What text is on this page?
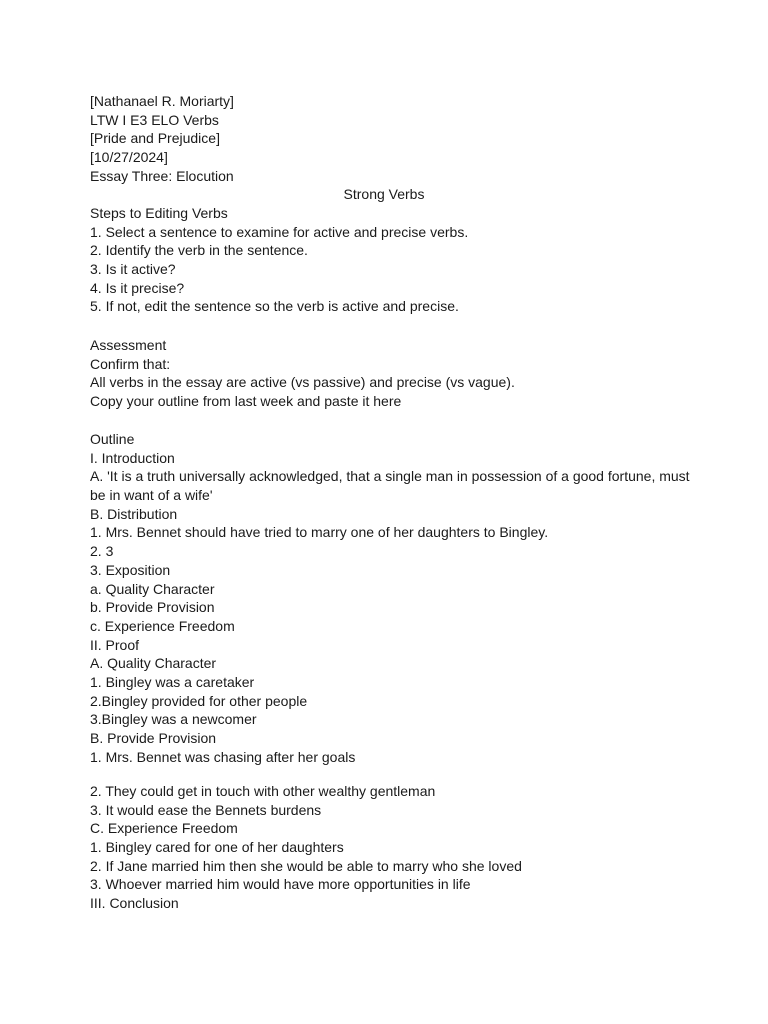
[Nathanael R. Moriarty]
LTW I E3 ELO Verbs
[Pride and Prejudice]
[10/27/2024]
Essay Three: Elocution
Strong Verbs
Steps to Editing Verbs
1. Select a sentence to examine for active and precise verbs.
2. Identify the verb in the sentence.
3. Is it active?
4. Is it precise?
5. If not, edit the sentence so the verb is active and precise.
Assessment
Confirm that:
All verbs in the essay are active (vs passive) and precise (vs vague).
Copy your outline from last week and paste it here
Outline
I. Introduction
A. 'It is a truth universally acknowledged, that a single man in possession of a good fortune, must be in want of a wife'
B. Distribution
1. Mrs. Bennet should have tried to marry one of her daughters to Bingley.
2. 3
3. Exposition
a. Quality Character
b. Provide Provision
c. Experience Freedom
II. Proof
A. Quality Character
1. Bingley was a caretaker
2.Bingley provided for other people
3.Bingley was a newcomer
B. Provide Provision
1. Mrs. Bennet was chasing after her goals
2. They could get in touch with other wealthy gentleman
3. It would ease the Bennets burdens
C. Experience Freedom
1. Bingley cared for one of her daughters
2. If Jane married him then she would be able to marry who she loved
3. Whoever married him would have more opportunities in life
III. Conclusion
